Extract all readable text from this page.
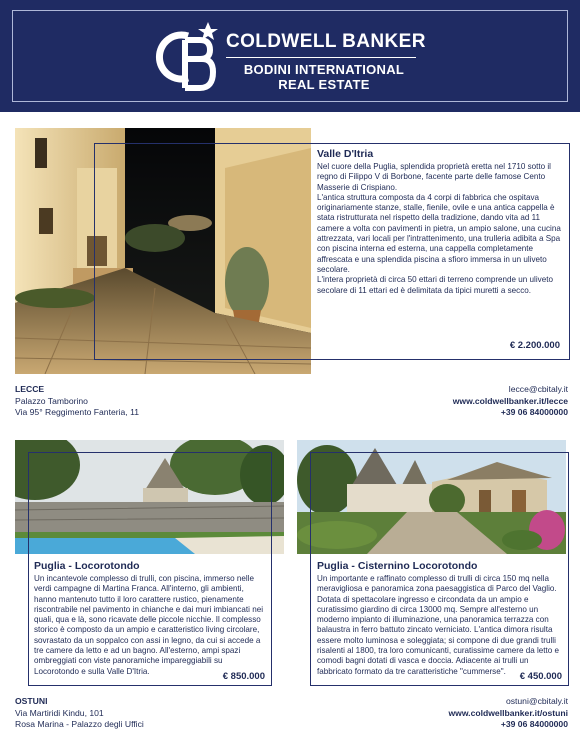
COLDWELL BANKER
BODINI INTERNATIONAL
REAL ESTATE
Valle D'Itria

Nel cuore della Puglia, splendida proprietà eretta nel 1710 sotto il regno di Filippo V di Borbone, facente parte delle famose Cento Masserie di Crispiano.
L'antica struttura composta da 4 corpi di fabbrica che ospitava originariamente stanze, stalle, fienile, ovile e una antica cappella è stata ristrutturata nel rispetto della tradizione, dando vita ad 11 camere a volta con pavimenti in pietra, un ampio salone, una cucina attrezzata, vari locali per l'intrattenimento, una trulleria adibita a Spa con piscina interna ed esterna, una cappella completamente affrescata e una splendida piscina a sfioro immersa in un uliveto secolare.
L'intera proprietà di circa 50 ettari di terreno comprende un uliveto secolare di 11 ettari ed è delimitata da tipici muretti a secco.

€ 2.200.000
LECCE
Palazzo Tamborino
Via 95° Reggimento Fanteria, 11
lecce@cbitaly.it
www.coldwellbanker.it/lecce
+39 06 84000000
Puglia - Locorotondo

Un incantevole complesso di trulli, con piscina, immerso nelle verdi campagne di Martina Franca. All'interno, gli ambienti, hanno mantenuto tutto il loro carattere rustico, pienamente riscontrabile nel pavimento in chianche e dai muri imbiancati nei quali, qua e là, sono ricavate delle piccole nicchie. Il complesso storico è composto da un ampio e caratteristico living circolare, sovrastato da un soppalco con assi in legno, da cui si accede a tre camere da letto e ad un bagno. All'esterno, ampi spazi ombreggiati con viste panoramiche impareggiabili su Locorotondo e sulla Valle D'Itria.	€ 850.000
Puglia - Cisternino Locorotondo

Un importante e raffinato complesso di trulli di circa 150 mq nella meravigliosa e panoramica zona paesaggistica di Parco del Vaglio. Dotata di spettacolare ingresso e circondata da un ampio e curatissimo giardino di circa 13000 mq. Sempre all'esterno un moderno impianto di illuminazione, una panoramica terrazza con balaustra in ferro battuto zincato verniciato. L'antica dimora risulta essere molto luminosa e soleggiata; si compone di due grandi trulli risalenti al 1800, tra loro comunicanti, curatissime camere da letto e comodi bagni dotati di vasca e doccia. Adiacente ai trulli un fabbricato formato da tre caratteristiche "cummerse".	€ 450.000
OSTUNI
Via Martiridi Kindu, 101
Rosa Marina - Palazzo degli Uffici
ostuni@cbitaly.it
www.coldwellbanker.it/ostuni
+39 06 84000000
